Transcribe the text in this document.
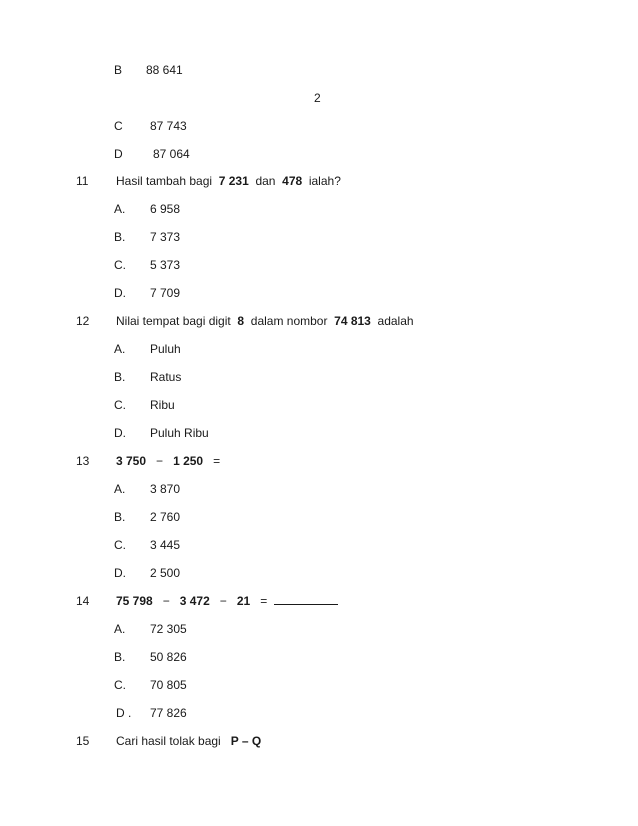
B 88 641
2
C 87 743
D	87 064
11 Hasil tambah bagi 7 231 dan 478 ialah?
A. 6 958
B. 7 373
C. 5 373
D. 7 709
12 Nilai tempat bagi digit 8 dalam nombor 74 813 adalah
A. Puluh
B. Ratus
C. Ribu
D. Puluh Ribu
13 3 750 − 1 250 =
A. 3 870
B. 2 760
C. 3 445
D. 2 500
14 75 798 − 3 472 − 21 =
A. 72 305
B. 50 826
C. 70 805
D . 77 826
15 Cari hasil tolak bagi P – Q
